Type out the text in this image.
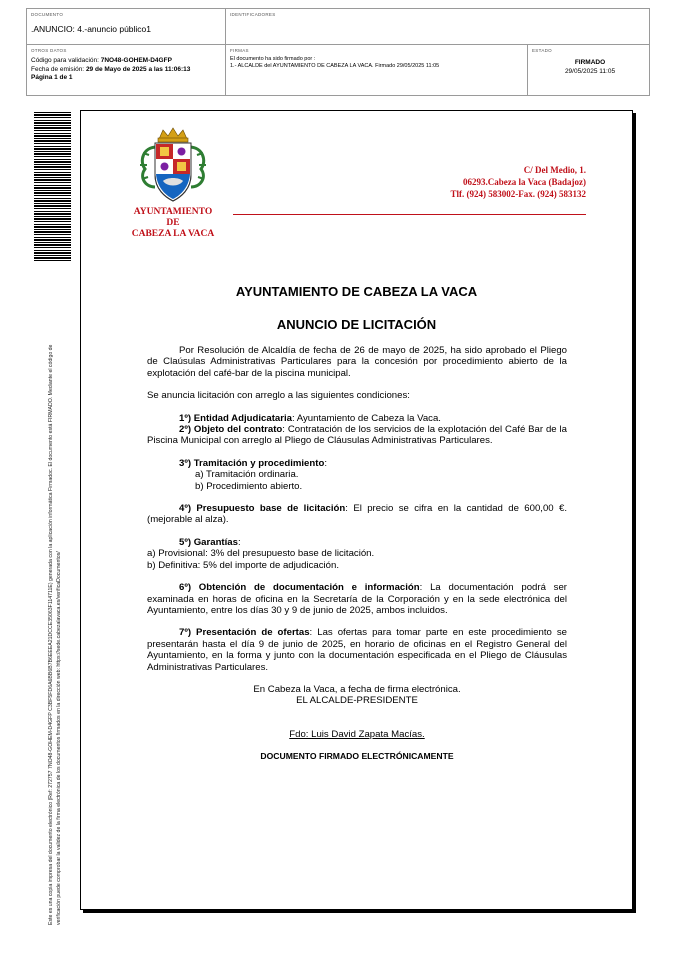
DOCUMENTO
.ANUNCIO: 4.-anuncio público1
IDENTIFICADORES
OTROS DATOS
Código para validación: 7NO48-GOHEM-D4GFP
Fecha de emisión: 29 de Mayo de 2025 a las 11:06:13
Página 1 de 1
FIRMAS
El documento ha sido firmado por :
1.- ALCALDE del AYUNTAMIENTO DE CABEZA LA VACA. Firmado 29/05/2025 11:05
ESTADO
FIRMADO
29/05/2025 11:05
Este es una copia impresa del documento electrónico (Ref: 272757 7NO48-GOHEM-D4GFP C3BF5FD6A6BB6B7B6EEEA21DCCE35063F114711E) generada con la aplicación informática Firmadoc. El documento está FIRMADO. Mediante el código de verificación puede comprobar la validez de la firma electrónica de los documentos firmados en la dirección web: https://sede.cabezalavaca.es/verificaDocumentos/
AYUNTAMIENTO
DE
CABEZA LA VACA
C/ Del Medio, 1.
06293.Cabeza la Vaca (Badajoz)
Tlf. (924) 583002-Fax. (924) 583132
AYUNTAMIENTO DE CABEZA LA VACA
ANUNCIO DE LICITACIÓN

Por Resolución de Alcaldía de fecha de 26 de mayo de 2025, ha sido aprobado el Pliego de Claúsulas Administrativas Particulares para la concesión por procedimiento abierto de la explotación del café-bar de la piscina municipal.

Se anuncia licitación con arreglo a las siguientes condiciones:

1º) Entidad Adjudicataria: Ayuntamiento de Cabeza la Vaca.

2º) Objeto del contrato: Contratación de los servicios de la explotación del Café Bar de la Piscina Municipal con arreglo al Pliego de Cláusulas Administrativas Particulares.

3º) Tramitación y procedimiento:

a) Tramitación ordinaria.

b) Procedimiento abierto.

4º) Presupuesto base de licitación: El precio se cifra en la cantidad de 600,00 €. (mejorable al alza).

5º) Garantías:

a) Provisional: 3% del presupuesto base de licitación.

b) Definitiva: 5% del importe de adjudicación.

6º) Obtención de documentación e información: La documentación podrá ser examinada en horas de oficina en la Secretaría de la Corporación y en la sede electrónica del Ayuntamiento, entre los días 30 y 9 de junio de 2025, ambos incluidos.

7º) Presentación de ofertas: Las ofertas para tomar parte en este procedimiento se presentarán hasta el día 9 de junio de 2025, en horario de oficinas en el Registro General del Ayuntamiento, en la forma y junto con la documentación especificada en el Pliego de Cláusulas Administrativas Particulares.

En Cabeza la Vaca, a fecha de firma electrónica.

EL ALCALDE-PRESIDENTE

Fdo: Luis David Zapata Macías.

DOCUMENTO FIRMADO ELECTRÓNICAMENTE
